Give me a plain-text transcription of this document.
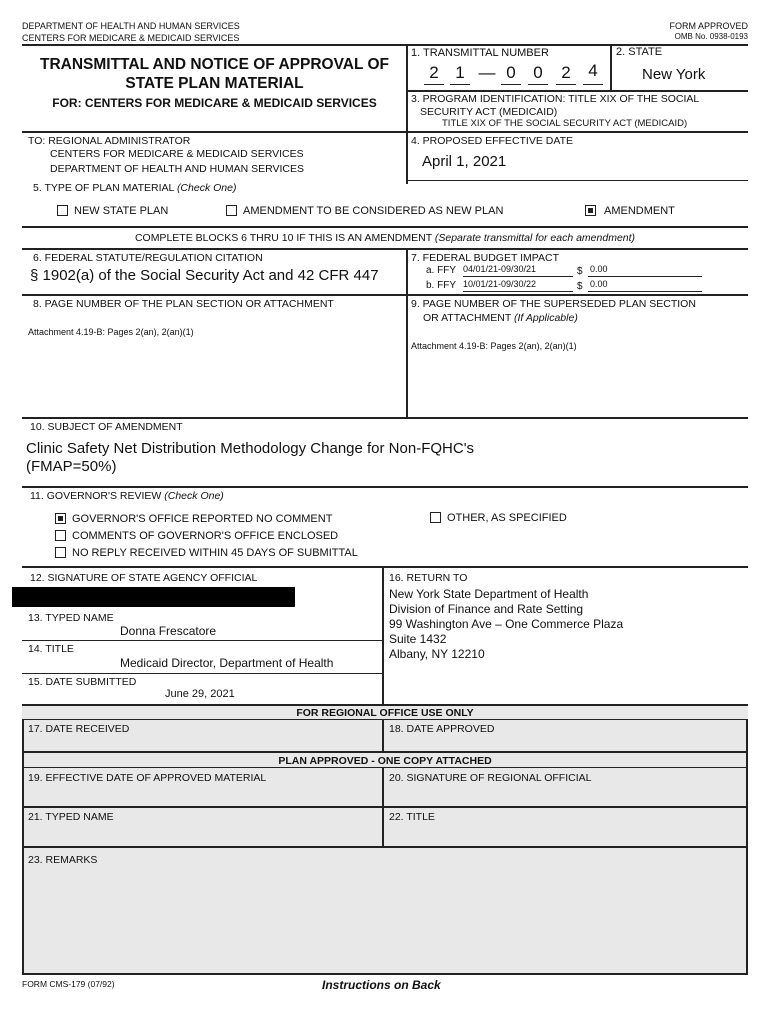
DEPARTMENT OF HEALTH AND HUMAN SERVICES
CENTERS FOR MEDICARE & MEDICAID SERVICES
FORM APPROVED
OMB No. 0938-0193
TRANSMITTAL AND NOTICE OF APPROVAL OF
STATE PLAN MATERIAL
FOR: CENTERS FOR MEDICARE & MEDICAID SERVICES
1. TRANSMITTAL NUMBER	2. STATE
New York
2 1 — 0	0	2	4
3. PROGRAM IDENTIFICATION: TITLE XIX OF THE SOCIAL
SECURITY ACT (MEDICAID)
TITLE XIX OF THE SOCIAL SECURITY ACT (MEDICAID)
TO: REGIONAL ADMINISTRATOR
CENTERS FOR MEDICARE & MEDICAID SERVICES
DEPARTMENT OF HEALTH AND HUMAN SERVICES
4. PROPOSED EFFECTIVE DATE
April 1, 2021
5. TYPE OF PLAN MATERIAL (Check One)
NEW STATE PLAN	AMENDMENT TO BE CONSIDERED AS NEW PLAN	AMENDMENT
COMPLETE BLOCKS 6 THRU 10 IF THIS IS AN AMENDMENT (Separate transmittal for each amendment)
6. FEDERAL STATUTE/REGULATION CITATION
§ 1902(a) of the Social Security Act and 42 CFR 447
7. FEDERAL BUDGET IMPACT
a. FFY 04/01/21-09/30/21	$ 0.00
b. FFY 10/01/21-09/30/22	$ 0.00
8. PAGE NUMBER OF THE PLAN SECTION OR ATTACHMENT
Attachment 4.19-B: Pages 2(an), 2(an)(1)
9. PAGE NUMBER OF THE SUPERSEDED PLAN SECTION
OR ATTACHMENT (If Applicable)
Attachment 4.19-B: Pages 2(an), 2(an)(1)
10. SUBJECT OF AMENDMENT
Clinic Safety Net Distribution Methodology Change for Non-FQHC's
(FMAP=50%)
11. GOVERNOR'S REVIEW (Check One)
GOVERNOR'S OFFICE REPORTED NO COMMENT
COMMENTS OF GOVERNOR'S OFFICE ENCLOSED
NO REPLY RECEIVED WITHIN 45 DAYS OF SUBMITTAL
OTHER, AS SPECIFIED
12. SIGNATURE OF STATE AGENCY OFFICIAL
13. TYPED NAME
Donna Frescatore
14. TITLE
Medicaid Director, Department of Health
15. DATE SUBMITTED
June 29, 2021
16. RETURN TO
New York State Department of Health
Division of Finance and Rate Setting
99 Washington Ave – One Commerce Plaza
Suite 1432
Albany, NY 12210
FOR REGIONAL OFFICE USE ONLY
17. DATE RECEIVED	18. DATE APPROVED
PLAN APPROVED - ONE COPY ATTACHED
19. EFFECTIVE DATE OF APPROVED MATERIAL	20. SIGNATURE OF REGIONAL OFFICIAL
21. TYPED NAME	22. TITLE
23. REMARKS
FORM CMS-179 (07/92)	Instructions on Back
